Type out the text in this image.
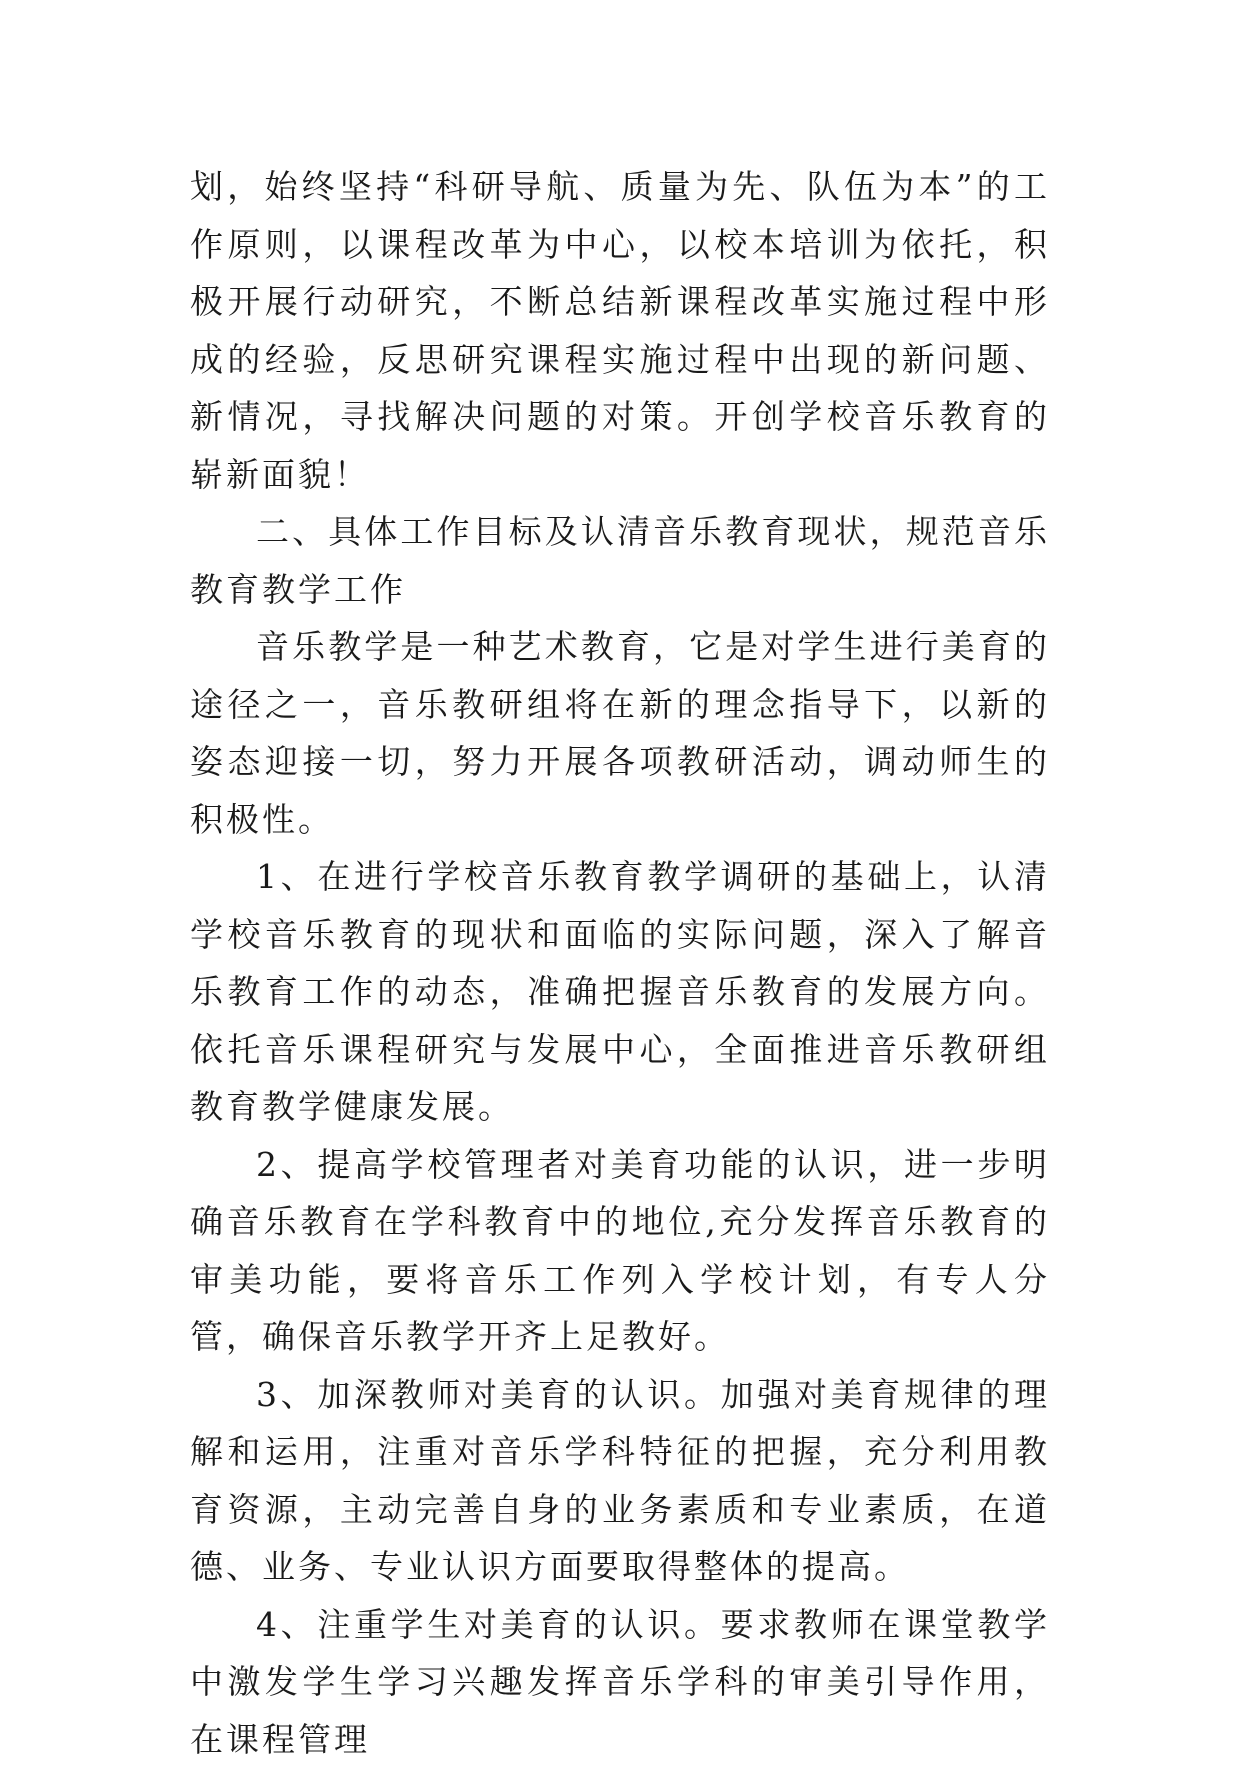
划，始终坚持“科研导航、质量为先、队伍为本”的工作原则，以课程改革为中心，以校本培训为依托，积极开展行动研究，不断总结新课程改革实施过程中形成的经验，反思研究课程实施过程中出现的新问题、新情况，寻找解决问题的对策。开创学校音乐教育的崭新面貌！

二、具体工作目标及认清音乐教育现状，规范音乐教育教学工作

音乐教学是一种艺术教育，它是对学生进行美育的途径之一，音乐教研组将在新的理念指导下，以新的姿态迎接一切，努力开展各项教研活动，调动师生的积极性。

1、在进行学校音乐教育教学调研的基础上，认清学校音乐教育的现状和面临的实际问题，深入了解音乐教育工作的动态，准确把握音乐教育的发展方向。依托音乐课程研究与发展中心，全面推进音乐教研组教育教学健康发展。

2、提高学校管理者对美育功能的认识，进一步明确音乐教育在学科教育中的地位,充分发挥音乐教育的审美功能，要将音乐工作列入学校计划，有专人分管，确保音乐教学开齐上足教好。

3、加深教师对美育的认识。加强对美育规律的理解和运用，注重对音乐学科特征的把握，充分利用教育资源，主动完善自身的业务素质和专业素质，在道德、业务、专业认识方面要取得整体的提高。

4、注重学生对美育的认识。要求教师在课堂教学中激发学生学习兴趣发挥音乐学科的审美引导作用，在课程管理
